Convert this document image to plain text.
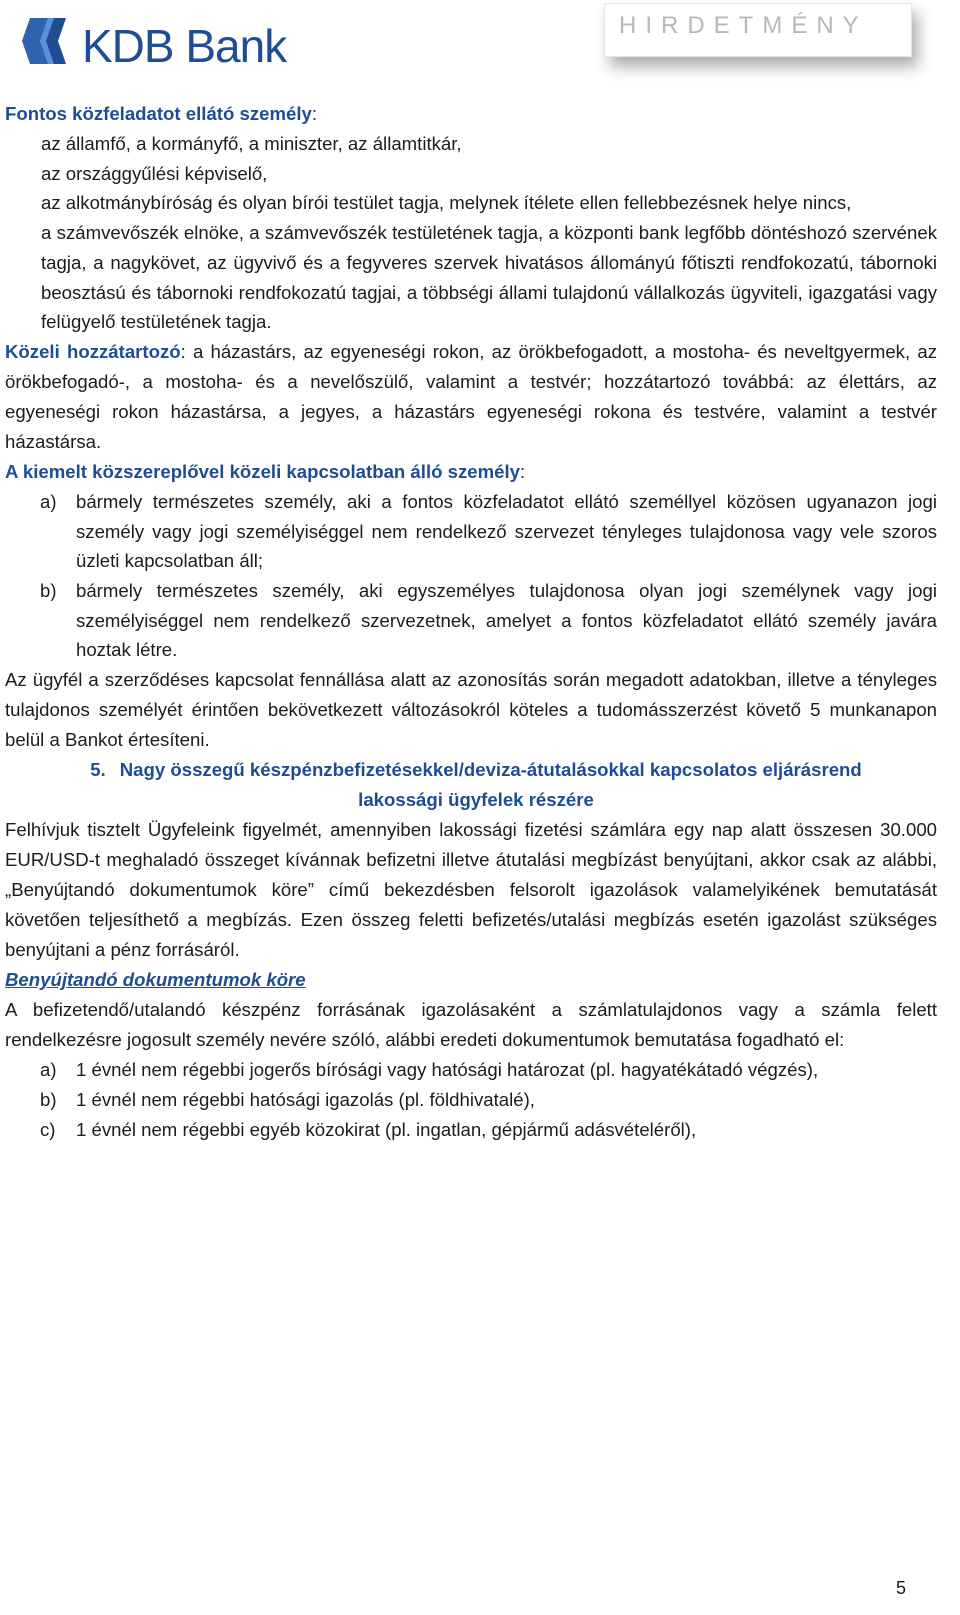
KDB Bank	HIRDETMÉNY

Fontos közfeladatot ellátó személy:

az államfő, a kormányfő, a miniszter, az államtitkár,

az országgyűlési képviselő,

az alkotmánybíróság és olyan bírói testület tagja, melynek ítélete ellen fellebbezésnek helye nincs,

a számvevőszék elnöke, a számvevőszék testületének tagja, a központi bank legfőbb döntéshozó szervének tagja, a nagykövet, az ügyvivő és a fegyveres szervek hivatásos állományú főtiszti rendfokozatú, tábornoki beosztású és tábornoki rendfokozatú tagjai, a többségi állami tulajdonú vállalkozás ügyviteli, igazgatási vagy felügyelő testületének tagja.

Közeli hozzátartozó: a házastárs, az egyeneségi rokon, az örökbefogadott, a mostoha- és neveltgyermek, az örökbefogadó-, a mostoha- és a nevelőszülő, valamint a testvér; hozzátartozó továbbá: az élettárs, az egyeneségi rokon házastársa, a jegyes, a házastárs egyeneségi rokona és testvére, valamint a testvér házastársa.

A kiemelt közszereplővel közeli kapcsolatban álló személy:

a) bármely természetes személy, aki a fontos közfeladatot ellátó személlyel közösen ugyanazon jogi személy vagy jogi személyiséggel nem rendelkező szervezet tényleges tulajdonosa vagy vele szoros üzleti kapcsolatban áll;
b) bármely természetes személy, aki egyszemélyes tulajdonosa olyan jogi személynek vagy jogi személyiséggel nem rendelkező szervezetnek, amelyet a fontos közfeladatot ellátó személy javára hoztak létre.

Az ügyfél a szerződéses kapcsolat fennállása alatt az azonosítás során megadott adatokban, illetve a tényleges tulajdonos személyét érintően bekövetkezett változásokról köteles a tudomásszerzést követő 5 munkanapon belül a Bankot értesíteni.

5. Nagy összegű készpénzbefizetésekkel/deviza-átutalásokkal kapcsolatos eljárásrend lakossági ügyfelek részére

Felhívjuk tisztelt Ügyfeleink figyelmét, amennyiben lakossági fizetési számlára egy nap alatt összesen 30.000 EUR/USD-t meghaladó összeget kívánnak befizetni illetve átutalási megbízást benyújtani, akkor csak az alábbi, „Benyújtandó dokumentumok köre” című bekezdésben felsorolt igazolások valamelyikének bemutatását követően teljesíthető a megbízás. Ezen összeg feletti befizetés/utalási megbízás esetén igazolást szükséges benyújtani a pénz forrásáról.

Benyújtandó dokumentumok köre

A befizetendő/utalandó készpénz forrásának igazolásaként a számlatulajdonos vagy a számla felett rendelkezésre jogosult személy nevére szóló, alábbi eredeti dokumentumok bemutatása fogadható el:

a) 1 évnél nem régebbi jogerős bírósági vagy hatósági határozat (pl. hagyatékátadó végzés),
b) 1 évnél nem régebbi hatósági igazolás (pl. földhivatalé),
c) 1 évnél nem régebbi egyéb közokirat (pl. ingatlan, gépjármű adásvételéről),
5
